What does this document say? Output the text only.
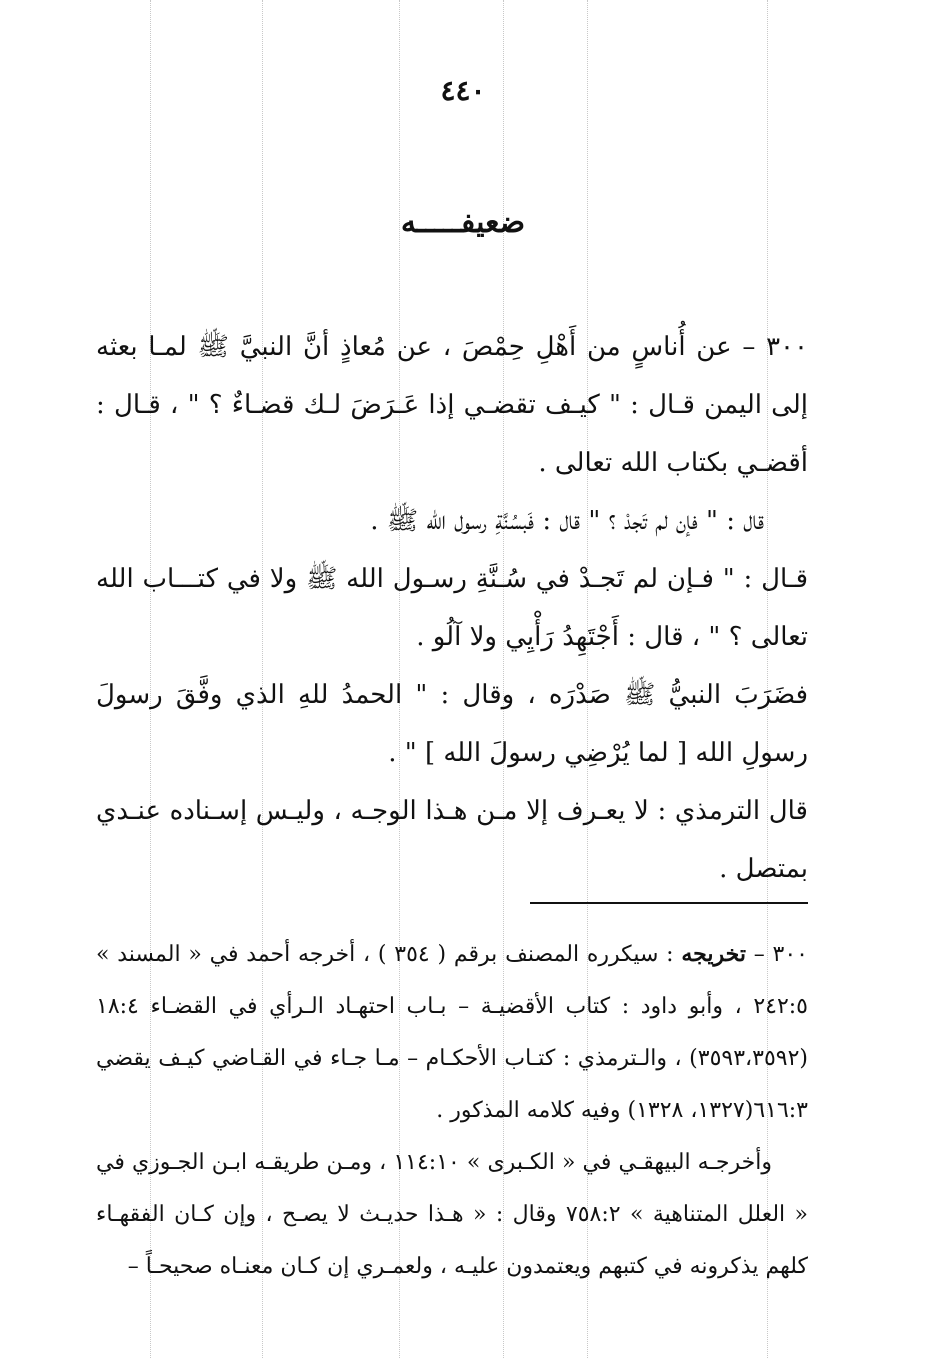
٤٤٠
ضعيفـــــه

٣٠٠ – عن أُناسٍ من أَهْلِ حِمْصَ ، عن مُعاذٍ أنَّ النبيَّ ﷺ لمـا بعثه إلى اليمن قـال : " كيـف تقضـي إذا عَـرَضَ لـك قضـاءٌ ؟ " ، قـال : أقضـي بكتاب الله تعالى .

قال : " فإن لم تَجدْ ؟ " قال : فَبسُنَّةِ رسول الله ﷺ .

قـال : " فـإن لم تَجـدْ في سُـنَّةِ رسـول الله ﷺ ولا في كتـــاب الله تعالى ؟ " ، قال : أَجْتَهِدُ رَأْيِي ولا آلُو .

فضَرَبَ النبيُّ ﷺ صَدْرَه ، وقال : " الحمدُ للهِ الذي وفَّقَ رسولَ رسولِ الله [ لما يُرْضِي رسولَ الله ] " .

قال الترمذي : لا يعـرف إلا مـن هـذا الوجـه ، وليـس إسـناده عنـدي بمتصل .

٣٠٠ – تخريجه : سيكرره المصنف برقم ( ٣٥٤ ) ، أخرجه أحمد في « المسند » ٢٤٢:٥ ، وأبو داود : كتاب الأقضيـة – بـاب احتهـاد الـرأي في القضـاء ١٨:٤ (٣٥٩٣،٣٥٩٢) ، والـترمذي : كتـاب الأحكـام – مـا جـاء في القـاضي كيـف يقضي ٦١٦:٣(١٣٢٧، ١٣٢٨) وفيه كلامه المذكور .

وأخرجـه البيهقـي في « الكـبرى » ١١٤:١٠ ، ومـن طريقـه ابـن الجـوزي في « العلل المتناهية » ٧٥٨:٢ وقال : « هـذا حديـث لا يصـح ، وإن كـان الفقهـاء كلهم يذكرونه في كتبهم ويعتمدون عليـه ، ولعمـري إن كـان معنـاه صحيحـاً –
